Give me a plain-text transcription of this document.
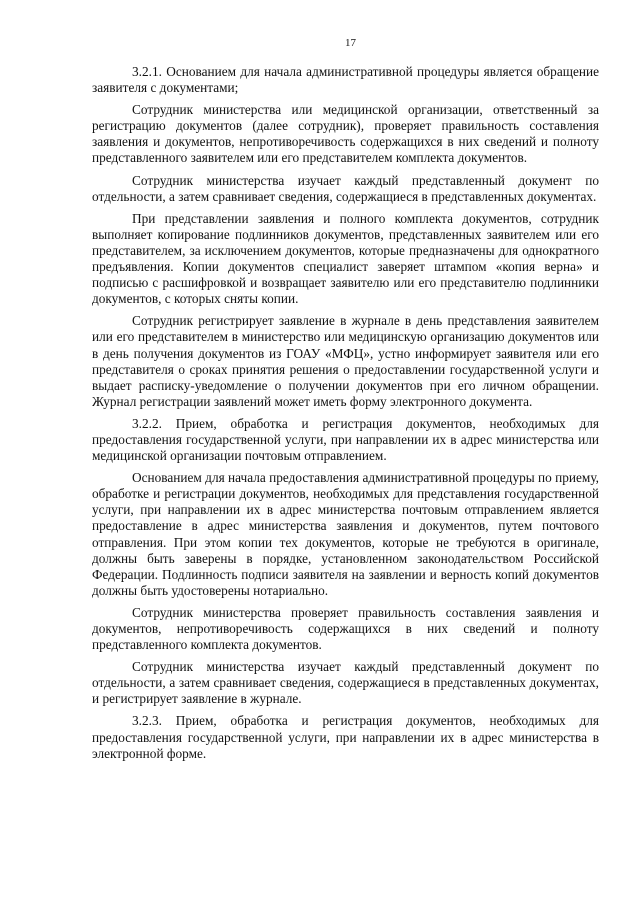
17

3.2.1. Основанием для начала административной процедуры является обращение заявителя с документами;

Сотрудник министерства или медицинской организации, ответственный за регистрацию документов (далее сотрудник), проверяет правильность составления заявления и документов, непротиворечивость содержащихся в них сведений и полноту представленного заявителем или его представителем комплекта документов.

Сотрудник министерства изучает каждый представленный документ по отдельности, а затем сравнивает сведения, содержащиеся в представленных документах.

При представлении заявления и полного комплекта документов, сотрудник выполняет копирование подлинников документов, представленных заявителем или его представителем, за исключением документов, которые предназначены для однократного предъявления. Копии документов специалист заверяет штампом «копия верна» и подписью с расшифровкой и возвращает заявителю или его представителю подлинники документов, с которых сняты копии.

Сотрудник регистрирует заявление в журнале в день представления заявителем или его представителем в министерство или медицинскую организацию документов или в день получения документов из ГОАУ «МФЦ», устно информирует заявителя или его представителя о сроках принятия решения о предоставлении государственной услуги и выдает расписку-уведомление о получении документов при его личном обращении. Журнал регистрации заявлений может иметь форму электронного документа.

3.2.2. Прием, обработка и регистрация документов, необходимых для предоставления государственной услуги, при направлении их в адрес министерства или медицинской организации почтовым отправлением.

Основанием для начала предоставления административной процедуры по приему, обработке и регистрации документов, необходимых для представления государственной услуги, при направлении их в адрес министерства почтовым отправлением является предоставление в адрес министерства заявления и документов, путем почтового отправления. При этом копии тех документов, которые не требуются в оригинале, должны быть заверены в порядке, установленном законодательством Российской Федерации. Подлинность подписи заявителя на заявлении и верность копий документов должны быть удостоверены нотариально.

Сотрудник министерства проверяет правильность составления заявления и документов, непротиворечивость содержащихся в них сведений и полноту представленного комплекта документов.

Сотрудник министерства изучает каждый представленный документ по отдельности, а затем сравнивает сведения, содержащиеся в представленных документах, и регистрирует заявление в журнале.

3.2.3. Прием, обработка и регистрация документов, необходимых для предоставления государственной услуги, при направлении их в адрес министерства в электронной форме.
